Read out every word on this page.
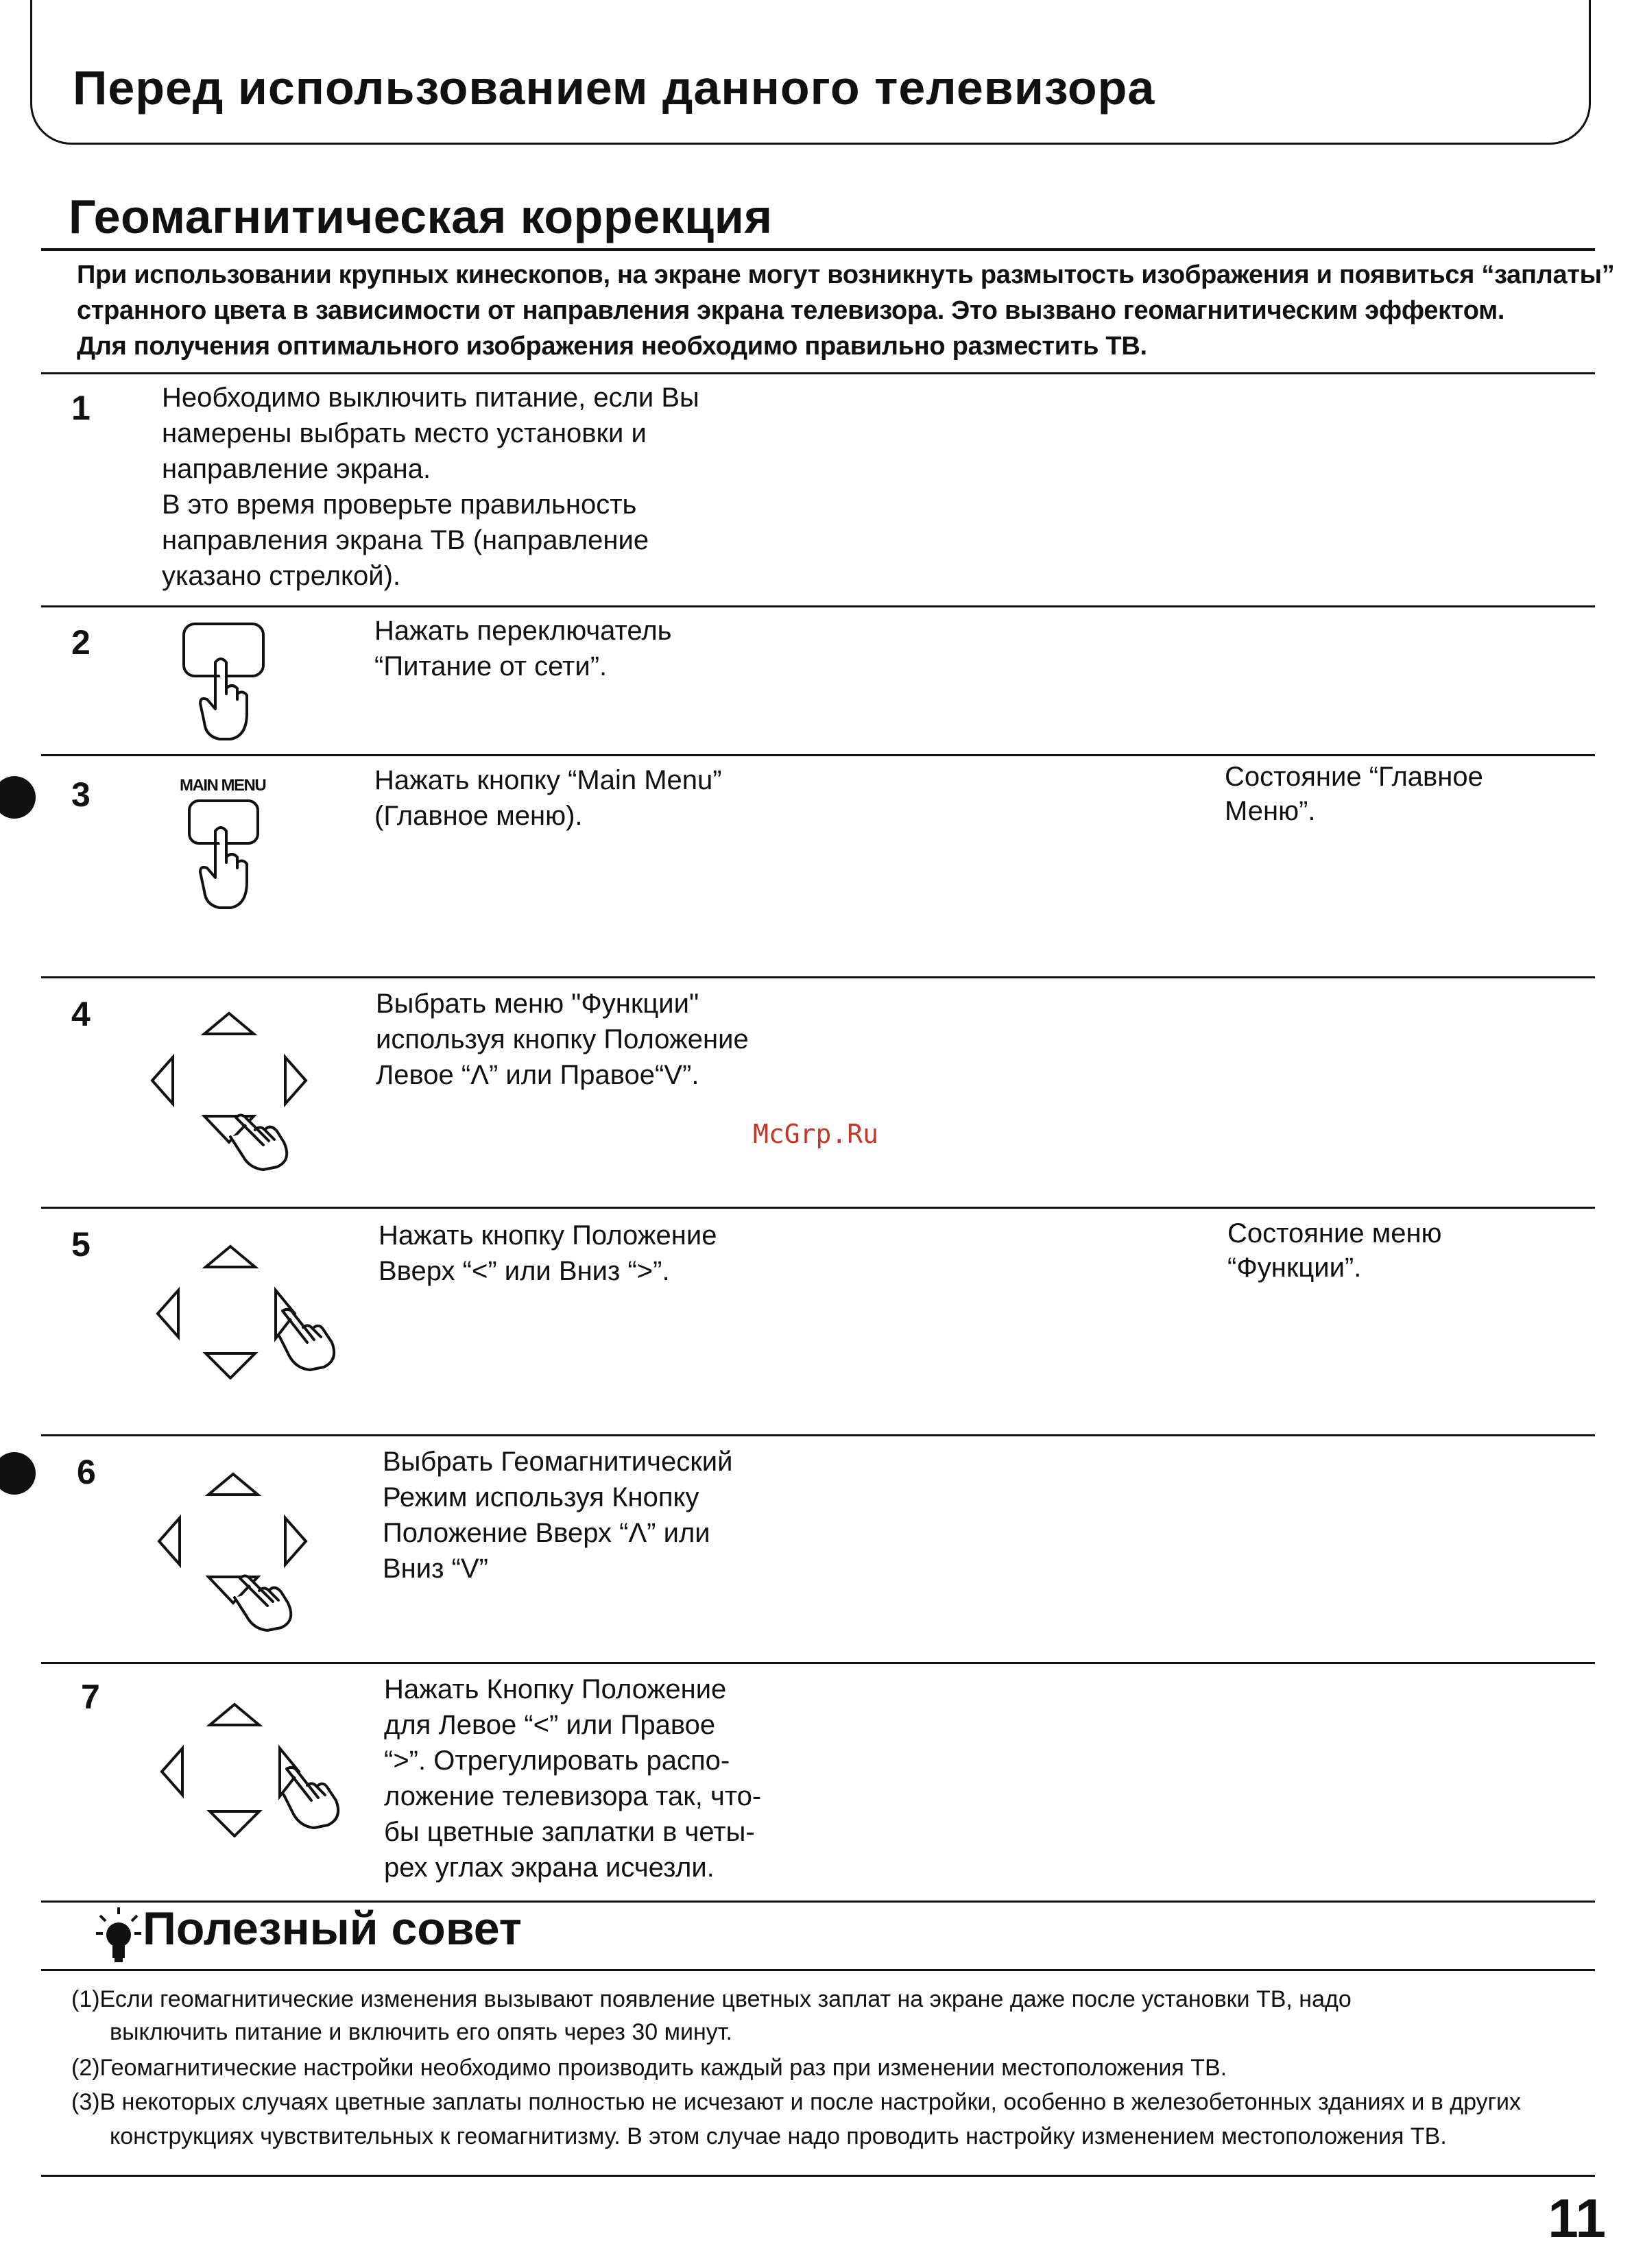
Перед использованием данного телевизора
Геомагнитическая коррекция
При использовании крупных кинескопов, на экране могут возникнуть размытость изображения и появиться “заплаты”
странного цвета в зависимости от направления экрана телевизора. Это вызвано геомагнитическим эффектом.
Для получения оптимального изображения необходимо правильно разместить ТВ.
1	Необходимо выключить питание, если Вы
намерены выбрать место установки и
направление экрана.
В это время проверьте правильность
направления экрана ТВ (направление
указано стрелкой).
2	Нажать переключатель
“Питание от сети”.
3	MAIN MENU	Нажать кнопку “Main Menu”
(Главное меню).
Состояние “Главное
Меню”.
4	Выбрать меню "Функции"
используя кнопку Положение
Левое “Λ” или Правое“V”.
McGrp.Ru
5	Нажать кнопку Положение
Вверх “<” или Вниз “>”.
Состояние меню
“Функции”.
6	Выбрать Геомагнитический
Режим используя Кнопку
Положение Вверх “Λ” или
Вниз “V”
7	Нажать Кнопку Положение
для Левое “<” или Правое
“>”. Отрегулировать распо-
ложение телевизора так, что-
бы цветные заплатки в четы-
рех углах экрана исчезли.
Полезный совет
(1)Если геомагнитические изменения вызывают появление цветных заплат на экране даже после установки ТВ, надо
выключить питание и включить его опять через 30 минут.
(2)Геомагнитические настройки необходимо производить каждый раз при изменении местоположения ТВ.
(3)В некоторых случаях цветные заплаты полностью не исчезают и после настройки, особенно в железобетонных зданиях и в других
конструкциях чувствительных к геомагнитизму. В этом случае надо проводить настройку изменением местоположения ТВ.
11
